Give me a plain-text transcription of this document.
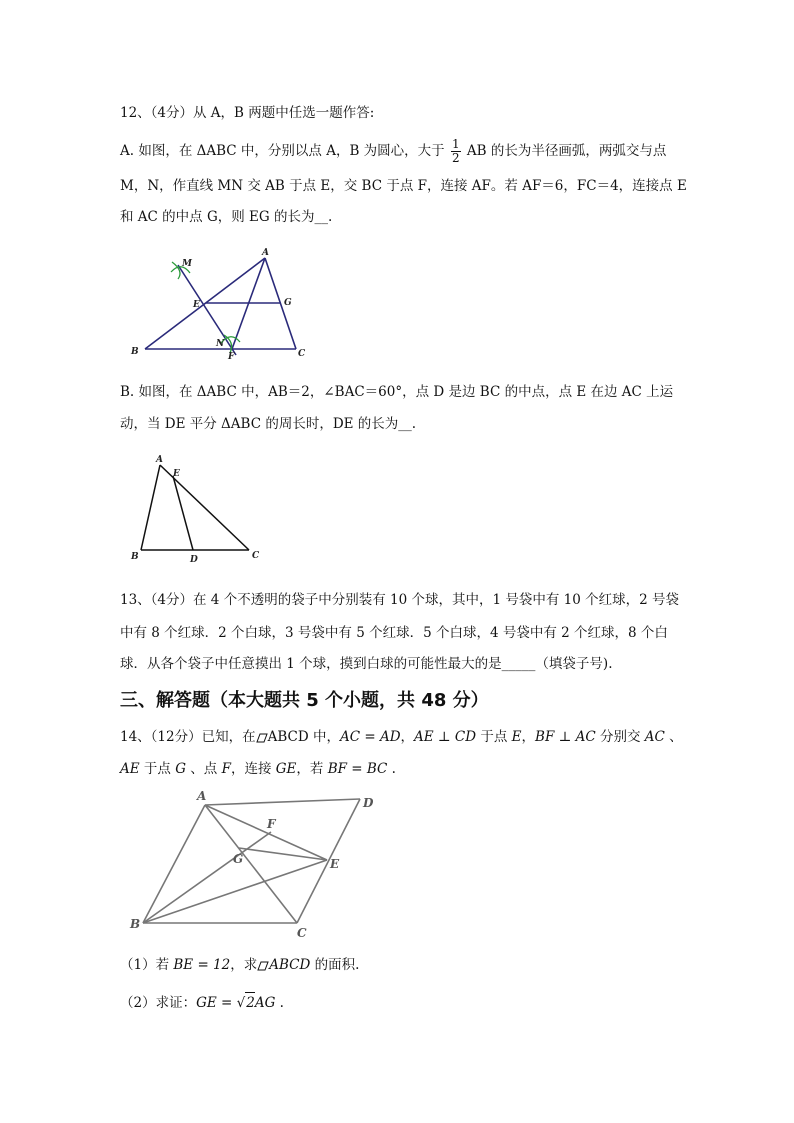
12、（4分）从 A，B 两题中任选一题作答:
A. 如图，在 ΔABC 中，分别以点 A，B 为圆心，大于 $\frac{1}{2}$ AB 的长为半径画弧，两弧交与点
M，N，作直线 MN 交 AB 于点 E，交 BC 于点 F，连接 AF。若 AF＝6，FC＝4，连接点 E
和 AC 的中点 G，则 EG 的长为__.
A
M
E	G
N
F
B	C
B. 如图，在 ΔABC 中，AB＝2，∠BAC＝60°，点 D 是边 BC 的中点，点 E 在边 AC 上运
动，当 DE 平分 ΔABC 的周长时，DE 的长为__.
A
E
B	D	C
13、（4分）在 4 个不透明的袋子中分别装有 10 个球，其中，1 号袋中有 10 个红球，2 号袋
中有 8 个红球．2 个白球，3 号袋中有 5 个红球．5 个白球，4 号袋中有 2 个红球，8 个白
球．从各个袋子中任意摸出 1 个球，摸到白球的可能性最大的是_____（填袋子号).
三、解答题（本大题共 5 个小题，共 48 分）
14、（12分）已知，在 ABCD 中，AC = AD，AE ⊥ CD 于点 E，BF ⊥ AC 分别交 AC 、
AE 于点 G 、点 F，连接 GE，若 BF = BC .
A	D
F
G	E
B
C
（1）若 BE = 12，求 ABCD 的面积.
（2）求证：GE = √2AG .
